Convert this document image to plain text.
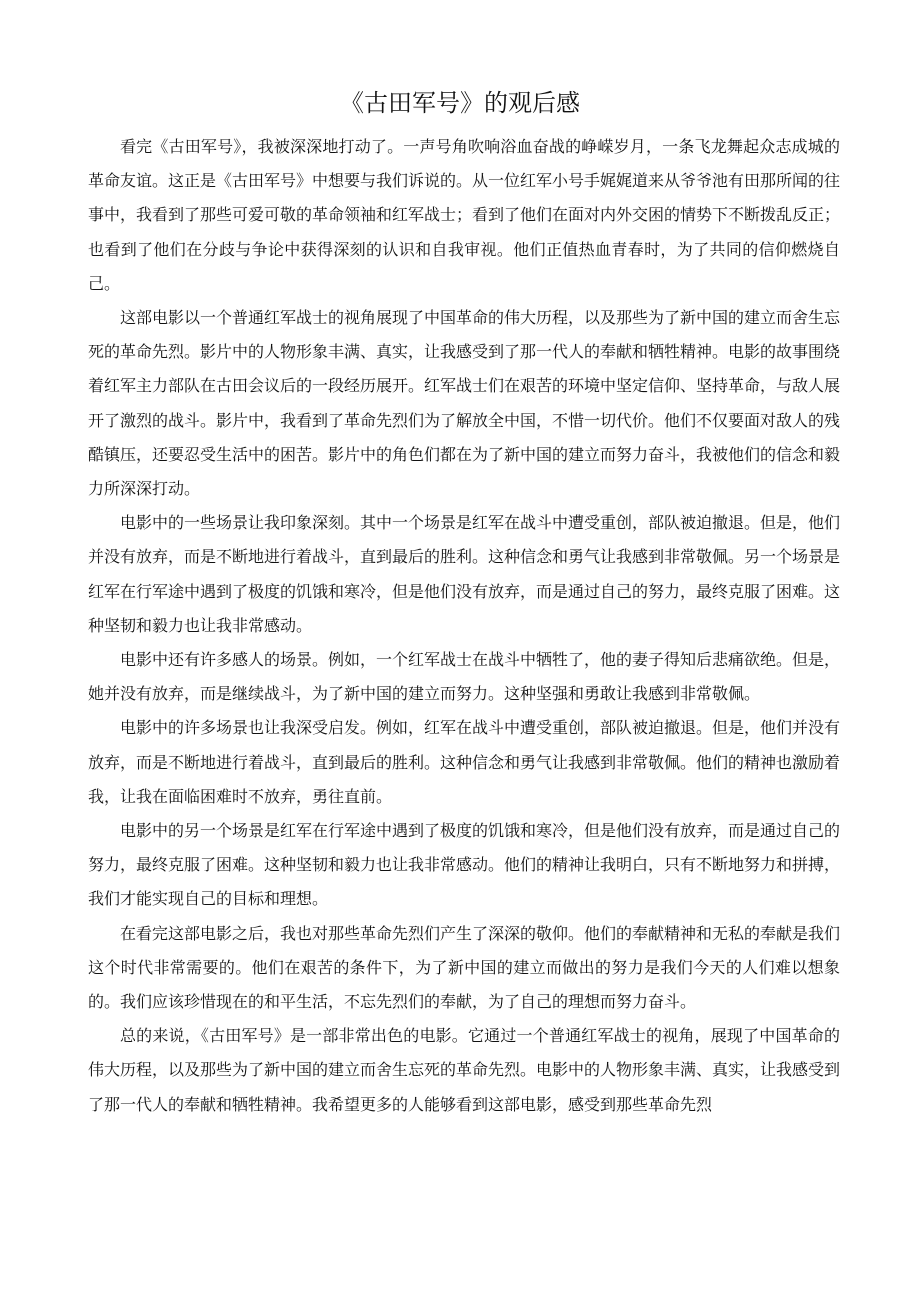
《古田军号》的观后感

看完《古田军号》，我被深深地打动了。一声号角吹响浴血奋战的峥嵘岁月，一条飞龙舞起众志成城的革命友谊。这正是《古田军号》中想要与我们诉说的。从一位红军小号手娓娓道来从爷爷池有田那所闻的往事中，我看到了那些可爱可敬的革命领袖和红军战士；看到了他们在面对内外交困的情势下不断拨乱反正；也看到了他们在分歧与争论中获得深刻的认识和自我审视。他们正值热血青春时，为了共同的信仰燃烧自己。

这部电影以一个普通红军战士的视角展现了中国革命的伟大历程，以及那些为了新中国的建立而舍生忘死的革命先烈。影片中的人物形象丰满、真实，让我感受到了那一代人的奉献和牺牲精神。电影的故事围绕着红军主力部队在古田会议后的一段经历展开。红军战士们在艰苦的环境中坚定信仰、坚持革命，与敌人展开了激烈的战斗。影片中，我看到了革命先烈们为了解放全中国，不惜一切代价。他们不仅要面对敌人的残酷镇压，还要忍受生活中的困苦。影片中的角色们都在为了新中国的建立而努力奋斗，我被他们的信念和毅力所深深打动。

电影中的一些场景让我印象深刻。其中一个场景是红军在战斗中遭受重创，部队被迫撤退。但是，他们并没有放弃，而是不断地进行着战斗，直到最后的胜利。这种信念和勇气让我感到非常敬佩。另一个场景是红军在行军途中遇到了极度的饥饿和寒冷，但是他们没有放弃，而是通过自己的努力，最终克服了困难。这种坚韧和毅力也让我非常感动。

电影中还有许多感人的场景。例如，一个红军战士在战斗中牺牲了，他的妻子得知后悲痛欲绝。但是，她并没有放弃，而是继续战斗，为了新中国的建立而努力。这种坚强和勇敢让我感到非常敬佩。

电影中的许多场景也让我深受启发。例如，红军在战斗中遭受重创，部队被迫撤退。但是，他们并没有放弃，而是不断地进行着战斗，直到最后的胜利。这种信念和勇气让我感到非常敬佩。他们的精神也激励着我，让我在面临困难时不放弃，勇往直前。

电影中的另一个场景是红军在行军途中遇到了极度的饥饿和寒冷，但是他们没有放弃，而是通过自己的努力，最终克服了困难。这种坚韧和毅力也让我非常感动。他们的精神让我明白，只有不断地努力和拼搏，我们才能实现自己的目标和理想。

在看完这部电影之后，我也对那些革命先烈们产生了深深的敬仰。他们的奉献精神和无私的奉献是我们这个时代非常需要的。他们在艰苦的条件下，为了新中国的建立而做出的努力是我们今天的人们难以想象的。我们应该珍惜现在的和平生活，不忘先烈们的奉献，为了自己的理想而努力奋斗。

总的来说，《古田军号》是一部非常出色的电影。它通过一个普通红军战士的视角，展现了中国革命的伟大历程，以及那些为了新中国的建立而舍生忘死的革命先烈。电影中的人物形象丰满、真实，让我感受到了那一代人的奉献和牺牲精神。我希望更多的人能够看到这部电影，感受到那些革命先烈
